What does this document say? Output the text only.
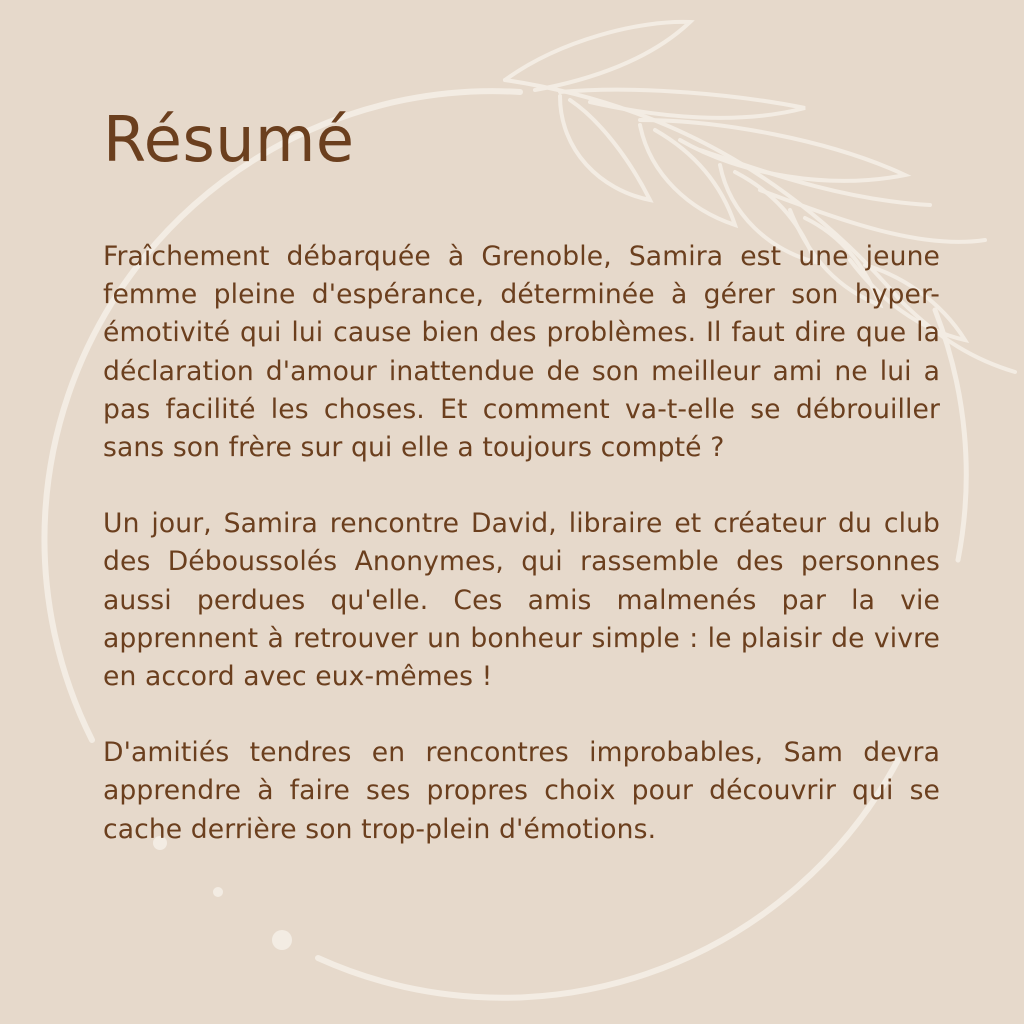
Résumé

Fraîchement débarquée à Grenoble, Samira est une jeune femme pleine d'espérance, déterminée à gérer son hyper-émotivité qui lui cause bien des problèmes. Il faut dire que la déclaration d'amour inattendue de son meilleur ami ne lui a pas facilité les choses. Et comment va-t-elle se débrouiller sans son frère sur qui elle a toujours compté ?

Un jour, Samira rencontre David, libraire et créateur du club des Déboussolés Anonymes, qui rassemble des personnes aussi perdues qu'elle. Ces amis malmenés par la vie apprennent à retrouver un bonheur simple : le plaisir de vivre en accord avec eux-mêmes !

D'amitiés tendres en rencontres improbables, Sam devra apprendre à faire ses propres choix pour découvrir qui se cache derrière son trop-plein d'émotions.
